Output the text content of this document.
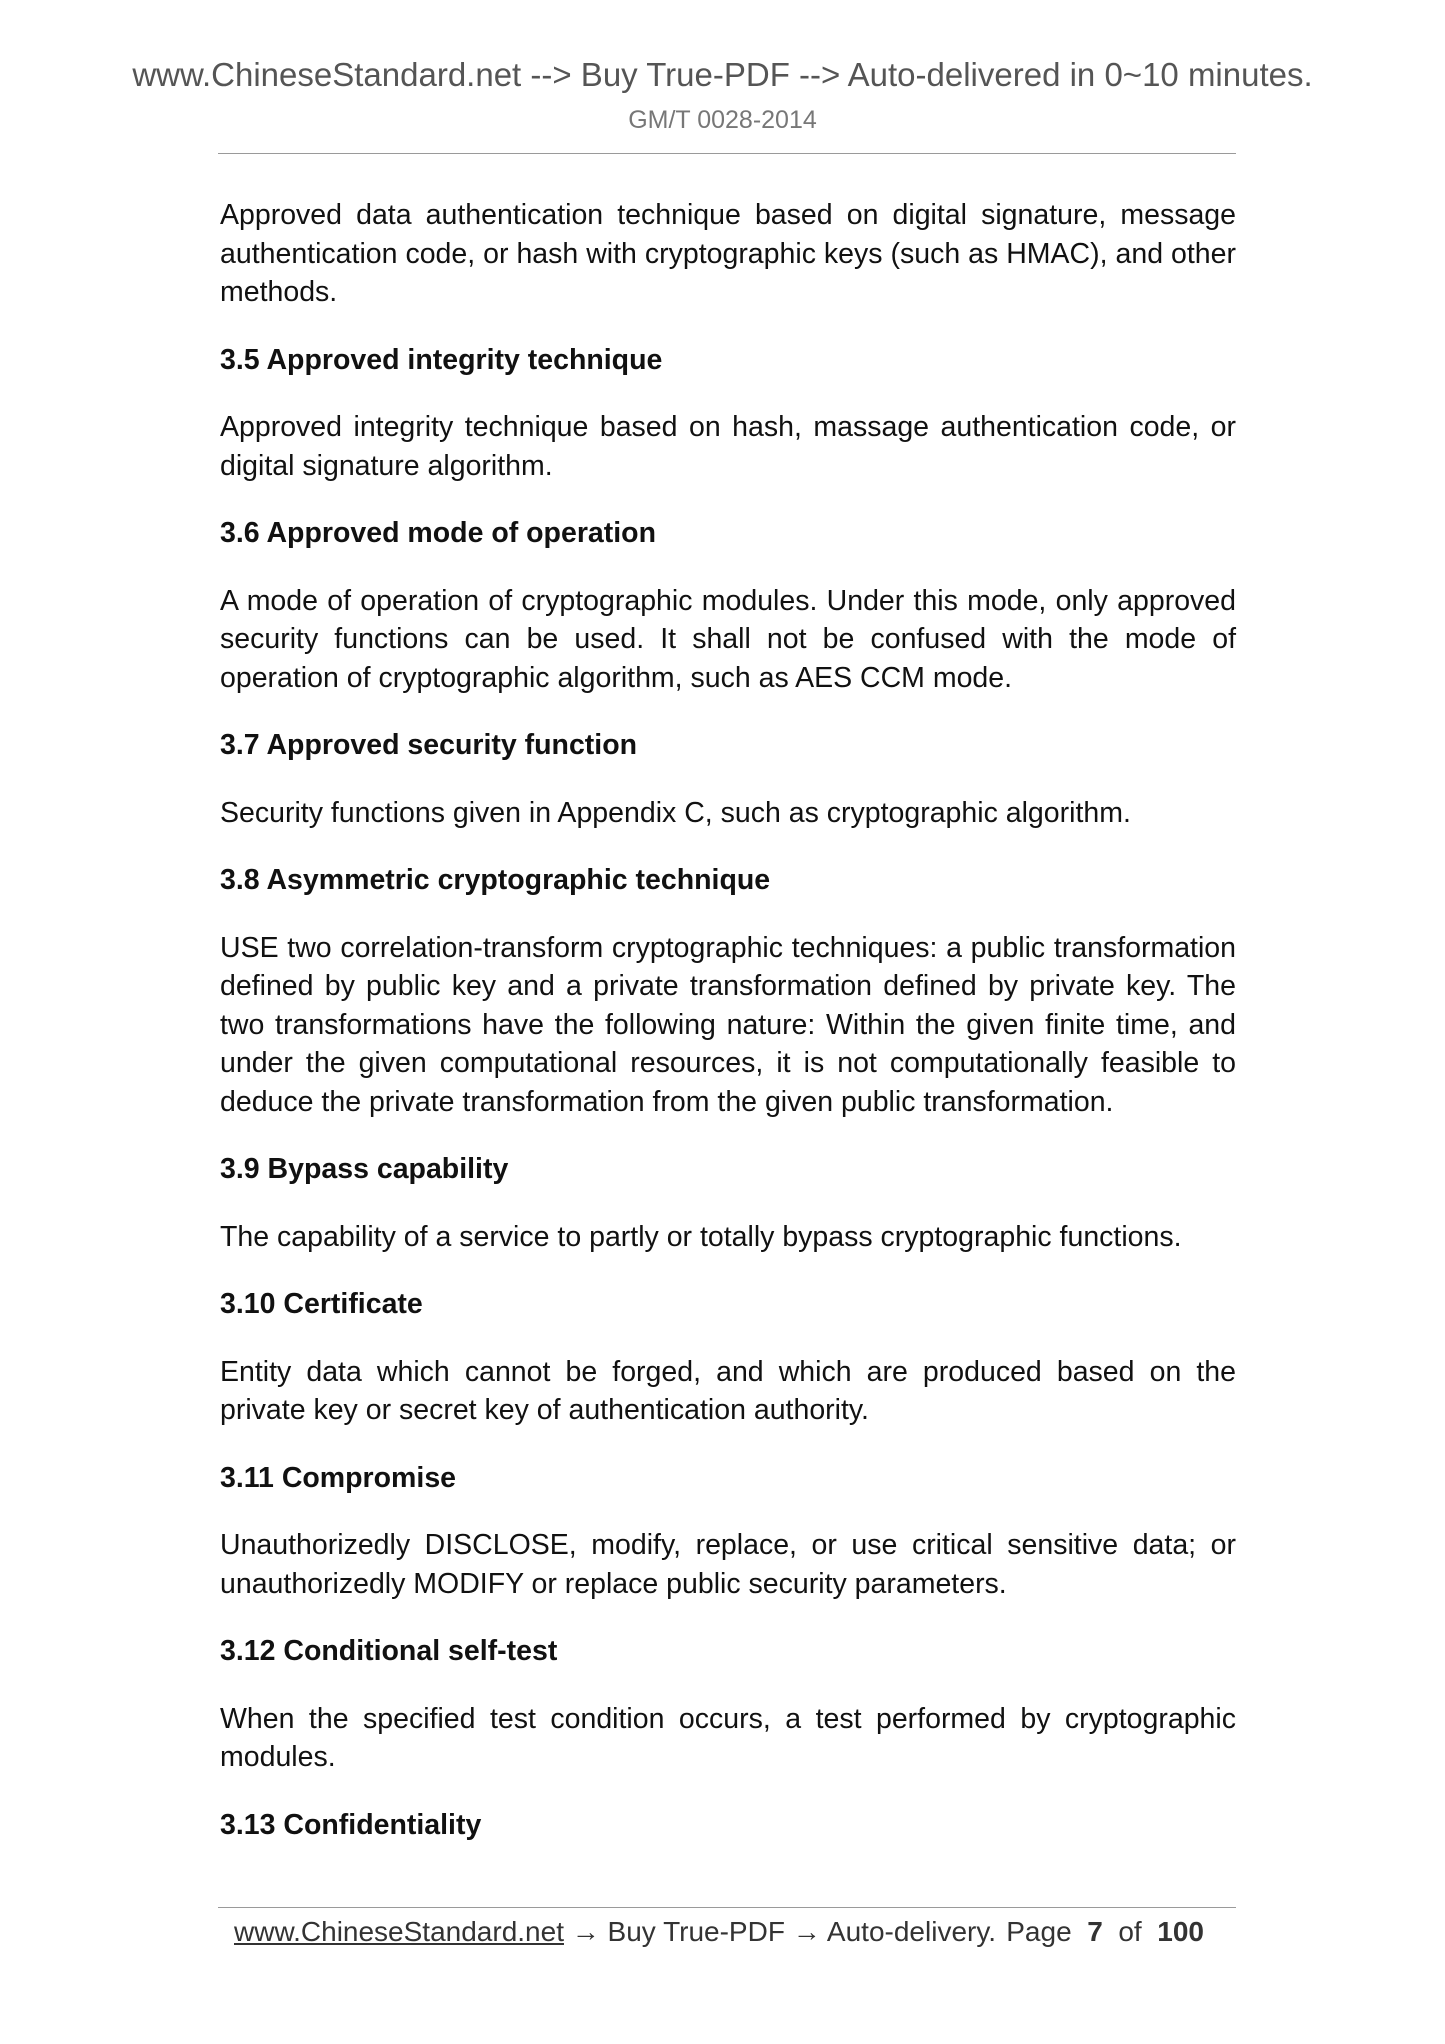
www.ChineseStandard.net --> Buy True-PDF --> Auto-delivered in 0~10 minutes.
GM/T 0028-2014

Approved data authentication technique based on digital signature, message authentication code, or hash with cryptographic keys (such as HMAC), and other methods.

3.5 Approved integrity technique

Approved integrity technique based on hash, massage authentication code, or digital signature algorithm.

3.6 Approved mode of operation

A mode of operation of cryptographic modules. Under this mode, only approved security functions can be used. It shall not be confused with the mode of operation of cryptographic algorithm, such as AES CCM mode.

3.7 Approved security function

Security functions given in Appendix C, such as cryptographic algorithm.

3.8 Asymmetric cryptographic technique

USE two correlation-transform cryptographic techniques: a public transformation defined by public key and a private transformation defined by private key. The two transformations have the following nature: Within the given finite time, and under the given computational resources, it is not computationally feasible to deduce the private transformation from the given public transformation.

3.9 Bypass capability

The capability of a service to partly or totally bypass cryptographic functions.

3.10 Certificate

Entity data which cannot be forged, and which are produced based on the private key or secret key of authentication authority.

3.11 Compromise

Unauthorizedly DISCLOSE, modify, replace, or use critical sensitive data; or unauthorizedly MODIFY or replace public security parameters.

3.12 Conditional self-test

When the specified test condition occurs, a test performed by cryptographic modules.

3.13 Confidentiality
www.ChineseStandard.net → Buy True-PDF → Auto-delivery. Page 7 of 100
